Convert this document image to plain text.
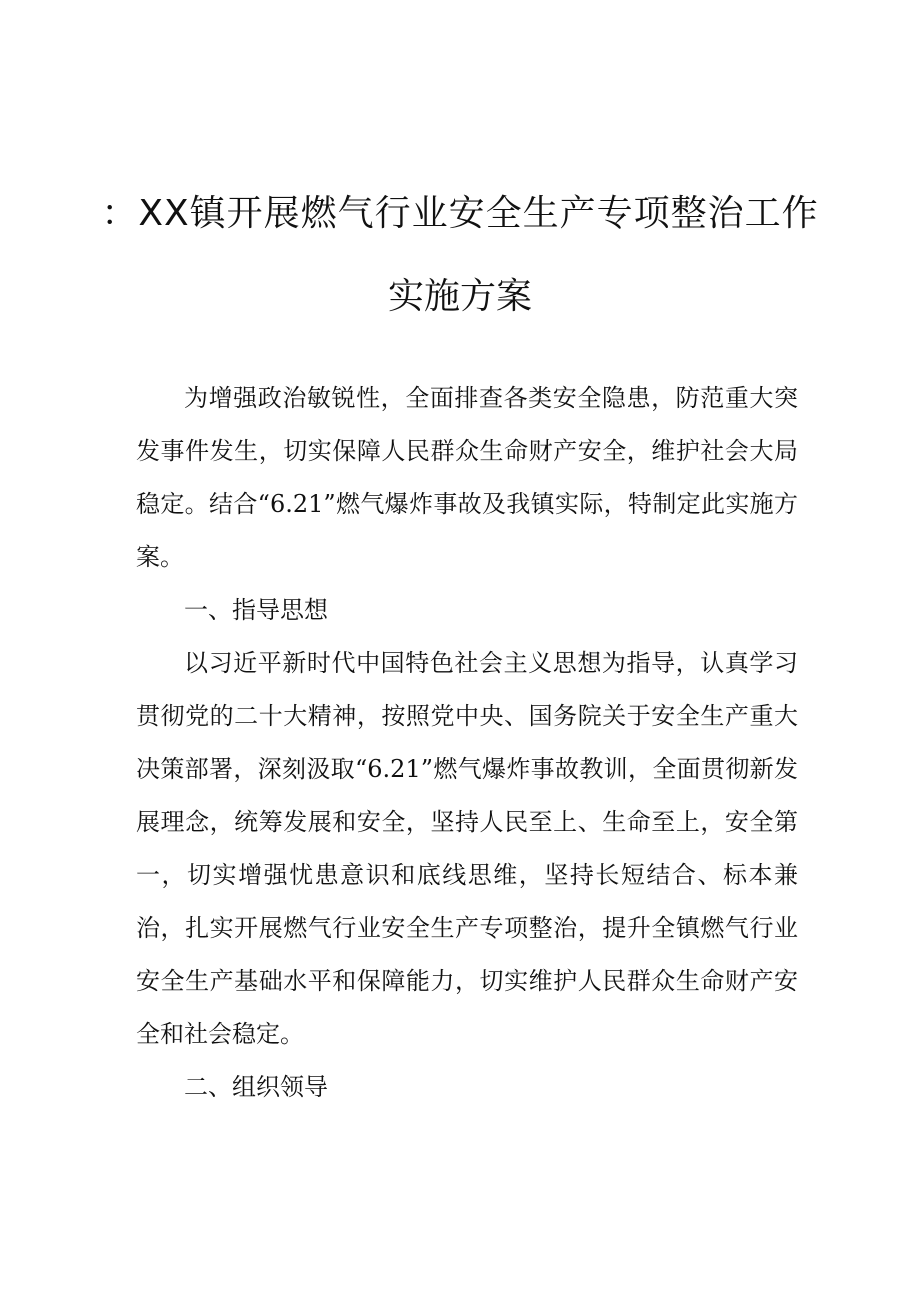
：XX镇开展燃气行业安全生产专项整治工作
实施方案

为增强政治敏锐性，全面排查各类安全隐患，防范重大突发事件发生，切实保障人民群众生命财产安全，维护社会大局稳定。结合“6.21”燃气爆炸事故及我镇实际，特制定此实施方案。

一、指导思想

以习近平新时代中国特色社会主义思想为指导，认真学习贯彻党的二十大精神，按照党中央、国务院关于安全生产重大决策部署，深刻汲取“6.21”燃气爆炸事故教训，全面贯彻新发展理念，统筹发展和安全，坚持人民至上、生命至上，安全第一，切实增强忧患意识和底线思维，坚持长短结合、标本兼治，扎实开展燃气行业安全生产专项整治，提升全镇燃气行业安全生产基础水平和保障能力，切实维护人民群众生命财产安全和社会稳定。

二、组织领导
